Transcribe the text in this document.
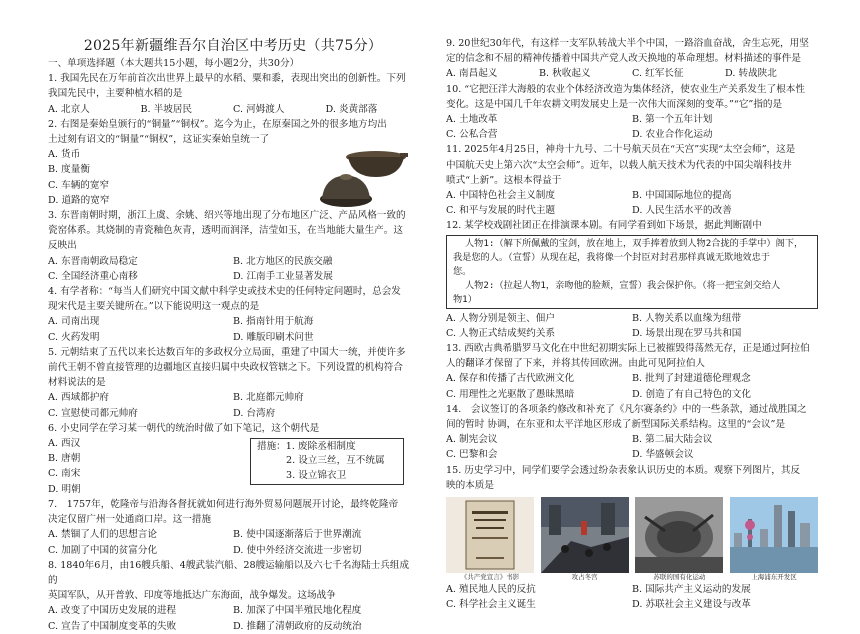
2025年新疆维吾尔自治区中考历史（共75分）

一、单项选择题（本大题共15小题，每小题2分，共30分）

1. 我国先民在万年前首次出世界上最早的水稻、粟和黍，表现出突出的创新性。下列

我国先民中，主要种植水稻的是

A. 北京人	B. 半坡居民	C. 河姆渡人	D. 炎黄部落

2. 右图是秦始皇颁行的“铜量”“铜权”。迄今为止，在原秦国之外的很多地方均出

土过刻有诏文的“铜量”“铜权”，这证实秦始皇统一了

A. 货币
B. 度量衡
C. 车辆的宽窄
D. 道路的宽窄

3. 东晋南朝时期，浙江上虞、余姚、绍兴等地出现了分布地区广泛、产品风格一致的

瓷窑体系。其烧制的青瓷釉色灰青，透明而润泽，洁莹如玉，在当地能大量生产。这

反映出

A. 东晋南朝政局稳定	B. 北方地区的民族交融
C. 全国经济重心南移	D. 江南手工业显著发展

4. 有学者称：“每当人们研究中国文献中科学史或技术史的任何特定问题时，总会发

现宋代是主要关键所在。”以下能说明这一观点的是

A. 司南出现	B. 指南针用于航海
C. 火药发明	D. 雕版印刷术问世

5. 元朝结束了五代以来长达数百年的多政权分立局面，重建了中国大一统，并使许多

前代王朝不曾直接管理的边疆地区直接归属中央政权管辖之下。下列设置的机构符合

材料说法的是

A. 西域都护府	B. 北庭都元帅府
C. 宣慰使司都元帅府	D. 台湾府

6. 小史同学在学习某一朝代的统治时做了如下笔记，这个朝代是

A. 西汉
B. 唐朝
C. 南宋
D. 明朝
措施：1. 废除丞相制度
2. 设立三丝，互不统属
3. 设立锦衣卫

7.　1757年，乾隆帝与沿海各督抚就如何进行海外贸易问题展开讨论，最终乾隆帝

决定仅留广州一处通商口岸。这一措施

A. 禁锢了人们的思想言论	B. 使中国逐渐落后于世界潮流
C. 加剧了中国的贫富分化	D. 使中外经济交流进一步密切

8. 1840年6月，由16艘兵船、4艘武装汽船、28艘运输船以及六七千名海陆士兵组成的

英国军队，从开普敦、印度等地抵达广东海面，战争爆发。这场战争

A. 改变了中国历史发展的进程	B. 加深了中国半殖民地化程度
C. 宣告了中国制度变革的失败	D. 推翻了清朝政府的反动统治

9. 20世纪30年代，有这样一支军队转战大半个中国，一路浴血奋战，舍生忘死，用坚

定的信念和不屈的精神传播着中国共产党人改天换地的革命理想。材料描述的事件是

A. 南昌起义	B. 秋收起义	C. 红军长征	D. 转战陕北

10. “它把汪洋大海般的农业个体经济改造为集体经济，使农业生产关系发生了根本性

变化。这是中国几千年农耕文明发展史上是一次伟大而深刻的变革。”“它”指的是

A. 土地改革	B. 第一个五年计划
C. 公私合营	D. 农业合作化运动

11. 2025年4月25日，神舟十九号、二十号航天员在“天宫”实现“太空会师”，这是

中国航天史上第六次“太空会师”。近年，以载人航天技术为代表的中国尖端科技井

喷式“上新”。这根本得益于

A. 中国特色社会主义制度	B. 中国国际地位的提高
C. 和平与发展的时代主题	D. 人民生活水平的改善

12. 某学校戏剧社团正在排演课本剧。有同学看到如下场景，据此判断剧中

人物1:（解下所佩戴的宝剑，放在地上，双手捧着放到人物2合拢的手掌中）阁下，
我是您的人。（宣誓）从现在起，我将像一个封臣对封君那样真诚无欺地效忠于
您。
人物2:（拉起人物1，亲吻他的脸颊，宣誓）我会保护你。（将一把宝剑交给人
物1）
A. 人物分别是领主、佃户	B. 人物关系以血缘为纽带
C. 人物正式结成契约关系	D. 场景出现在罗马共和国

13. 西欧古典希腊罗马文化在中世纪初期实际上已被摧毁得荡然无存，正是通过阿拉伯

人的翻译才保留了下来，并将其传回欧洲。由此可见阿拉伯人

A. 保存和传播了古代欧洲文化	B. 批判了封建道德伦理观念
C. 用理性之光驱散了愚昧黑暗	D. 创造了有自己特色的文化

14.　会议签订的各项条约修改和补充了《凡尔赛条约》中的一些条款，通过战胜国之

间的暂时 协调，在东亚和太平洋地区形成了新型国际关系结构。这里的“会议”是

A. 制宪会议	B. 第二届大陆会议
C. 巴黎和会	D. 华盛顿会议

15. 历史学习中，同学们要学会透过纷杂表象认识历史的本质。观察下列图片，其反

映的本质是

《共产党宣言》书影	攻占冬宫	苏联的国有化运动	上海浦东开发区
A. 殖民地人民的反抗	B. 国际共产主义运动的发展
C. 科学社会主义诞生	D. 苏联社会主义建设与改革
